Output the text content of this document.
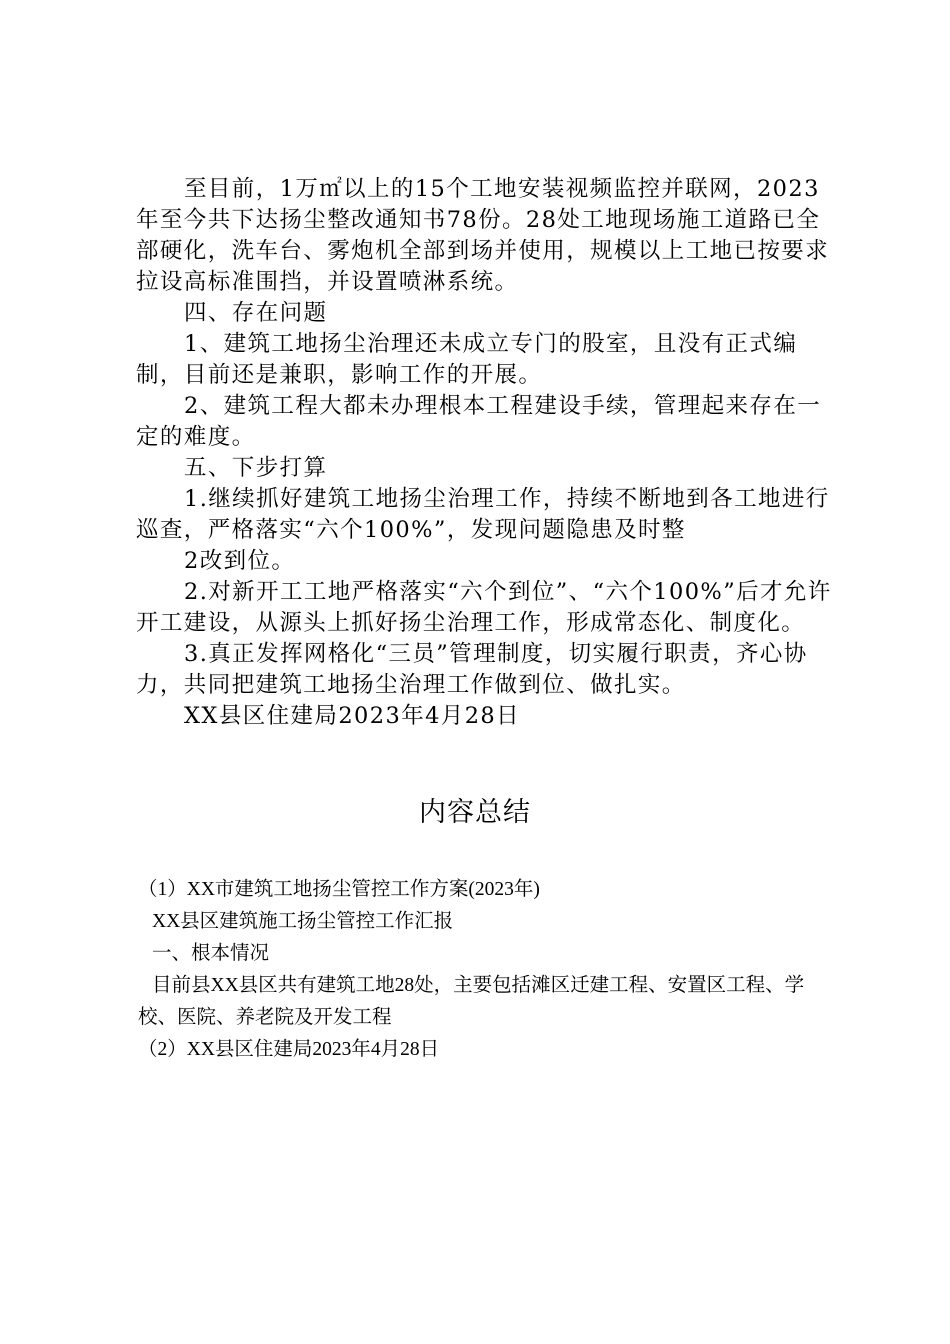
至目前，1万㎡以上的15个工地安装视频监控并联网，2023年至今共下达扬尘整改通知书78份。28处工地现场施工道路已全部硬化，洗车台、雾炮机全部到场并使用，规模以上工地已按要求拉设高标准围挡，并设置喷淋系统。

四、存在问题

1、建筑工地扬尘治理还未成立专门的股室，且没有正式编制，目前还是兼职，影响工作的开展。

2、建筑工程大都未办理根本工程建设手续，管理起来存在一定的难度。

五、下步打算

1.继续抓好建筑工地扬尘治理工作，持续不断地到各工地进行巡查，严格落实“六个100%”，发现问题隐患及时整

2改到位。

2.对新开工工地严格落实“六个到位”、“六个100%”后才允许开工建设，从源头上抓好扬尘治理工作，形成常态化、制度化。

3.真正发挥网格化“三员”管理制度，切实履行职责，齐心协力，共同把建筑工地扬尘治理工作做到位、做扎实。

XX县区住建局2023年4月28日

内容总结

（1）XX市建筑工地扬尘管控工作方案(2023年)

XX县区建筑施工扬尘管控工作汇报

一、根本情况

目前县XX县区共有建筑工地28处，主要包括滩区迁建工程、安置区工程、学校、医院、养老院及开发工程

（2）XX县区住建局2023年4月28日
